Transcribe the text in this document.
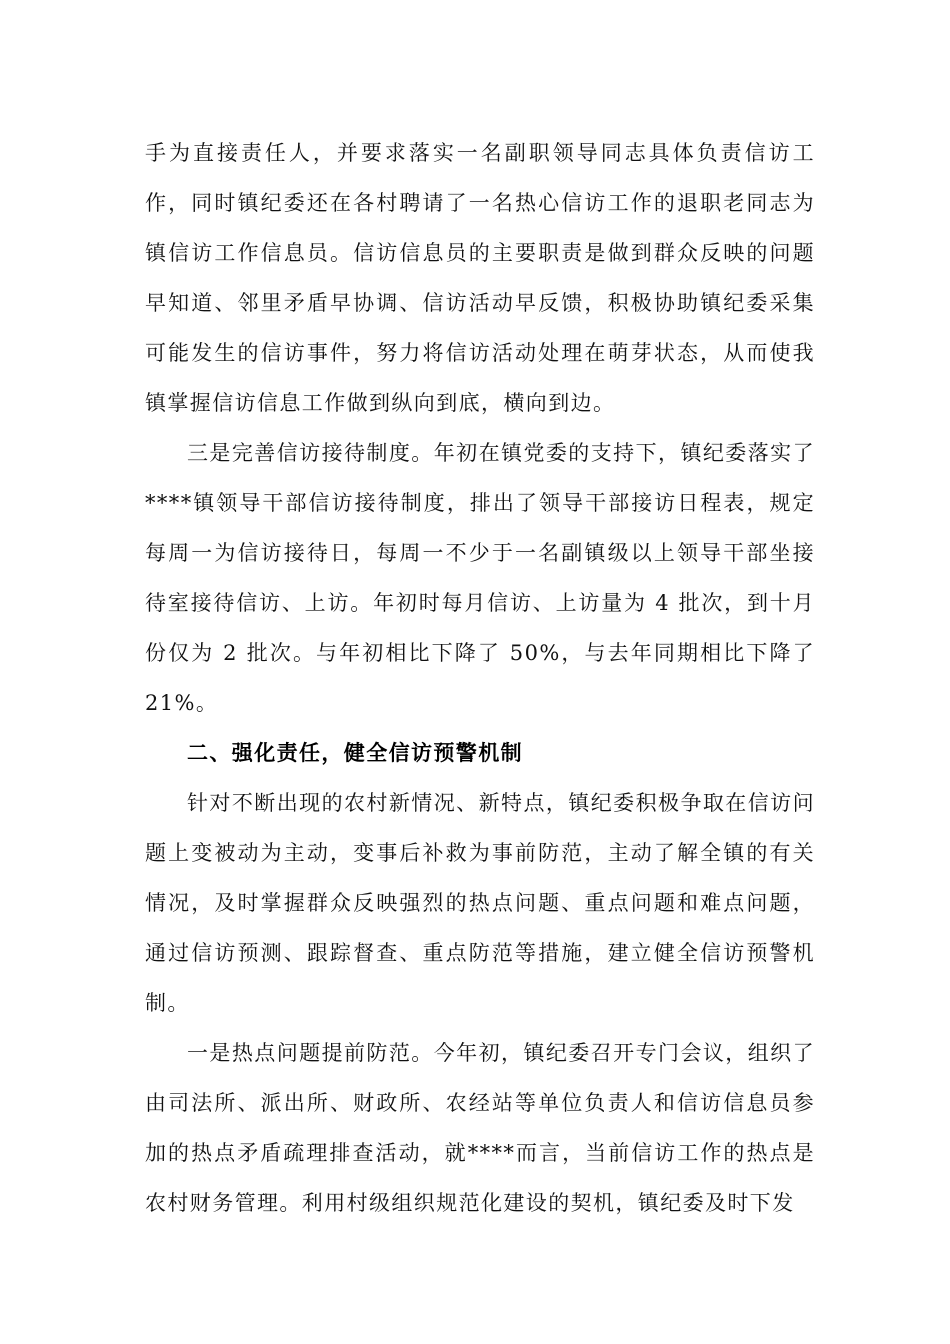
手为直接责任人，并要求落实一名副职领导同志具体负责信访工作，同时镇纪委还在各村聘请了一名热心信访工作的退职老同志为镇信访工作信息员。信访信息员的主要职责是做到群众反映的问题早知道、邻里矛盾早协调、信访活动早反馈，积极协助镇纪委采集可能发生的信访事件，努力将信访活动处理在萌芽状态，从而使我镇掌握信访信息工作做到纵向到底，横向到边。

三是完善信访接待制度。年初在镇党委的支持下，镇纪委落实了****镇领导干部信访接待制度，排出了领导干部接访日程表，规定每周一为信访接待日，每周一不少于一名副镇级以上领导干部坐接待室接待信访、上访。年初时每月信访、上访量为 4 批次，到十月份仅为 2 批次。与年初相比下降了 50%，与去年同期相比下降了 21%。

二、强化责任，健全信访预警机制

针对不断出现的农村新情况、新特点，镇纪委积极争取在信访问题上变被动为主动，变事后补救为事前防范，主动了解全镇的有关情况，及时掌握群众反映强烈的热点问题、重点问题和难点问题，通过信访预测、跟踪督查、重点防范等措施，建立健全信访预警机制。

一是热点问题提前防范。今年初，镇纪委召开专门会议，组织了由司法所、派出所、财政所、农经站等单位负责人和信访信息员参加的热点矛盾疏理排查活动，就****而言，当前信访工作的热点是农村财务管理。利用村级组织规范化建设的契机，镇纪委及时下发
